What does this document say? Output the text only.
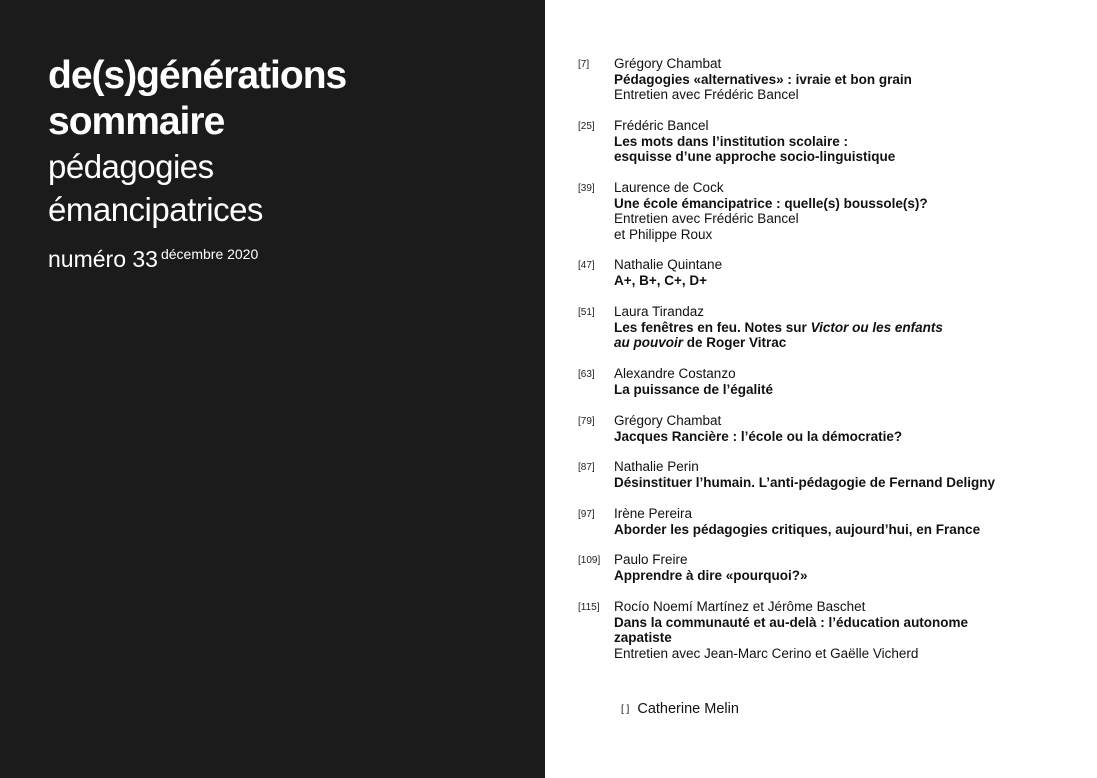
de(s)générations
sommaire
pédagogies
émancipatrices
numéro 33 $^{décembre 2020}$
[7]	Grégory Chambat
Pédagogies «alternatives» : ivraie et bon grain
Entretien avec Frédéric Bancel
[25]	Frédéric Bancel
Les mots dans l’institution scolaire :
esquisse d’une approche socio-linguistique
[39]	Laurence de Cock
Une école émancipatrice : quelle(s) boussole(s)?
Entretien avec Frédéric Bancel
et Philippe Roux
[47]	Nathalie Quintane
A+, B+, C+, D+
[51]	Laura Tirandaz
Les fenêtres en feu. Notes sur Victor ou les enfants
au pouvoir de Roger Vitrac
[63]	Alexandre Costanzo
La puissance de l’égalité
[79]	Grégory Chambat
Jacques Rancière : l’école ou la démocratie?
[87]	Nathalie Perin
Désinstituer l’humain. L’anti-pédagogie de Fernand Deligny
[97]	Irène Pereira
Aborder les pédagogies critiques, aujourd’hui, en France
[109]	Paulo Freire
Apprendre à dire «pourquoi?»
[115]	Rocío Noemí Martínez et Jérôme Baschet
Dans la communauté et au-delà : l’éducation autonome
zapatiste
Entretien avec Jean-Marc Cerino et Gaëlle Vicherd
[ ] Catherine Melin
